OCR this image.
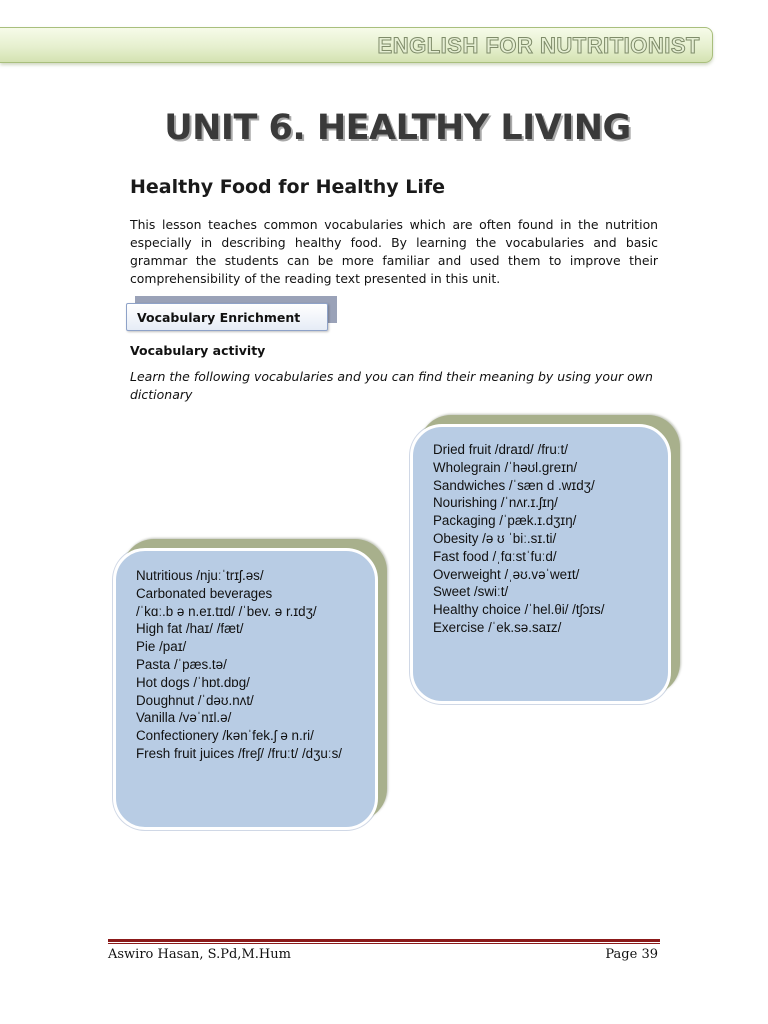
ENGLISH FOR NUTRITIONIST
UNIT 6. HEALTHY LIVING
Healthy Food for Healthy Life

This lesson teaches common vocabularies which are often found in the nutrition especially in describing healthy food. By learning the vocabularies and basic grammar the students can be more familiar and used them to improve their comprehensibility of the reading text presented in this unit.

Vocabulary Enrichment
Vocabulary activity
Learn the following vocabularies and you can find their meaning by using your own dictionary
Dried fruit /draɪd/ /fruːt/
Wholegrain /ˈhəʊl.greɪn/
Sandwiches /ˈsæn d .wɪdʒ/
Nourishing /ˈnʌr.ɪ.ʃɪŋ/
Packaging /ˈpæk.ɪ.dʒɪŋ/
Obesity /ə ʊ ˈbiː.sɪ.ti/
Fast food /ˌfɑːstˈfuːd/
Overweight /ˌəʊ.vəˈweɪt/
Sweet /swiːt/
Healthy choice /ˈhel.θi/ /tʃɔɪs/
Exercise /ˈek.sə.saɪz/
Nutritious /njuːˈtrɪʃ.əs/
Carbonated beverages
/ˈkɑː.b ə n.eɪ.tɪd/ /ˈbev. ə r.ɪdʒ/
High fat /haɪ/ /fæt/
Pie /paɪ/
Pasta /ˈpæs.tə/
Hot dogs /ˈhɒt.dɒg/
Doughnut /ˈdəʊ.nʌt/
Vanilla /vəˈnɪl.ə/
Confectionery /kənˈfek.ʃ ə n.ri/
Fresh fruit juices /freʃ/ /fruːt/ /dʒuːs/
Aswiro Hasan, S.Pd,M.Hum	Page 39
